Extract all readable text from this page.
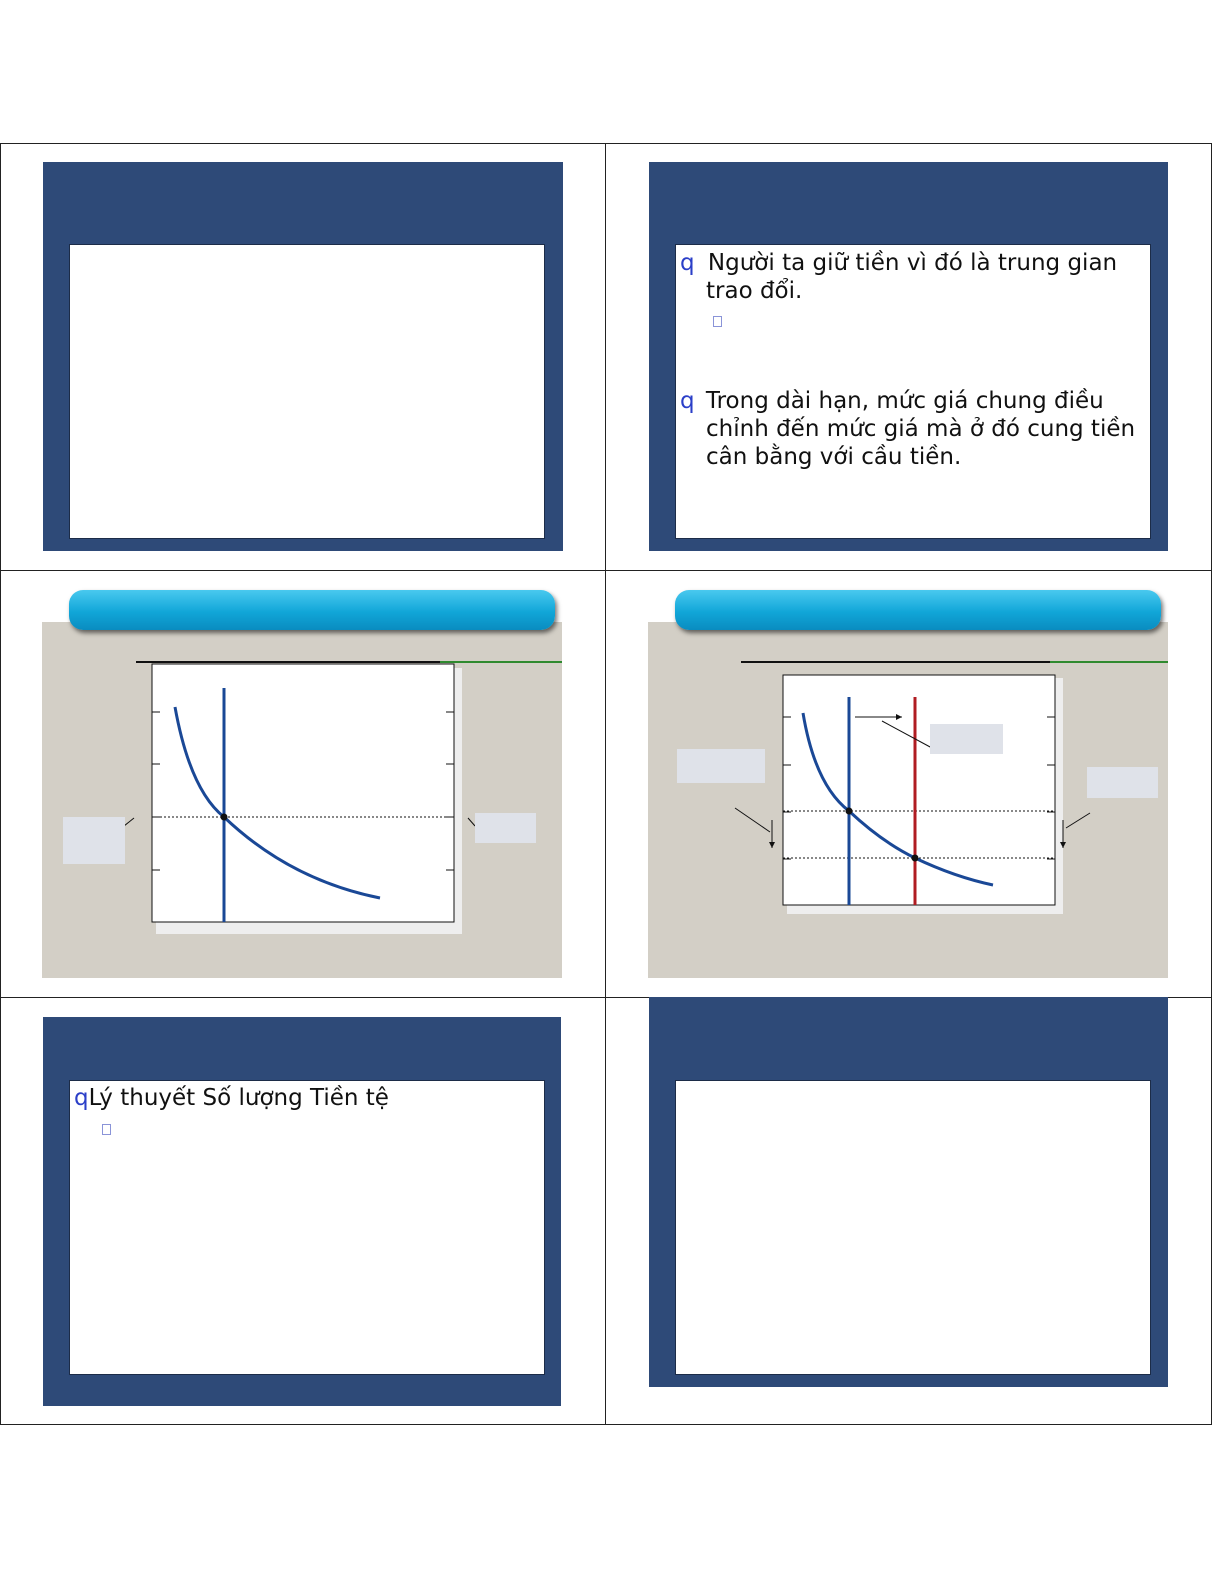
q Người ta giữ tiền vì đó là trung gian
trao đổi.
q Trong dài hạn, mức giá chung điều
chỉnh đến mức giá mà ở đó cung tiền
cân bằng với cầu tiền.
qLý thuyết Số lượng Tiền tệ
